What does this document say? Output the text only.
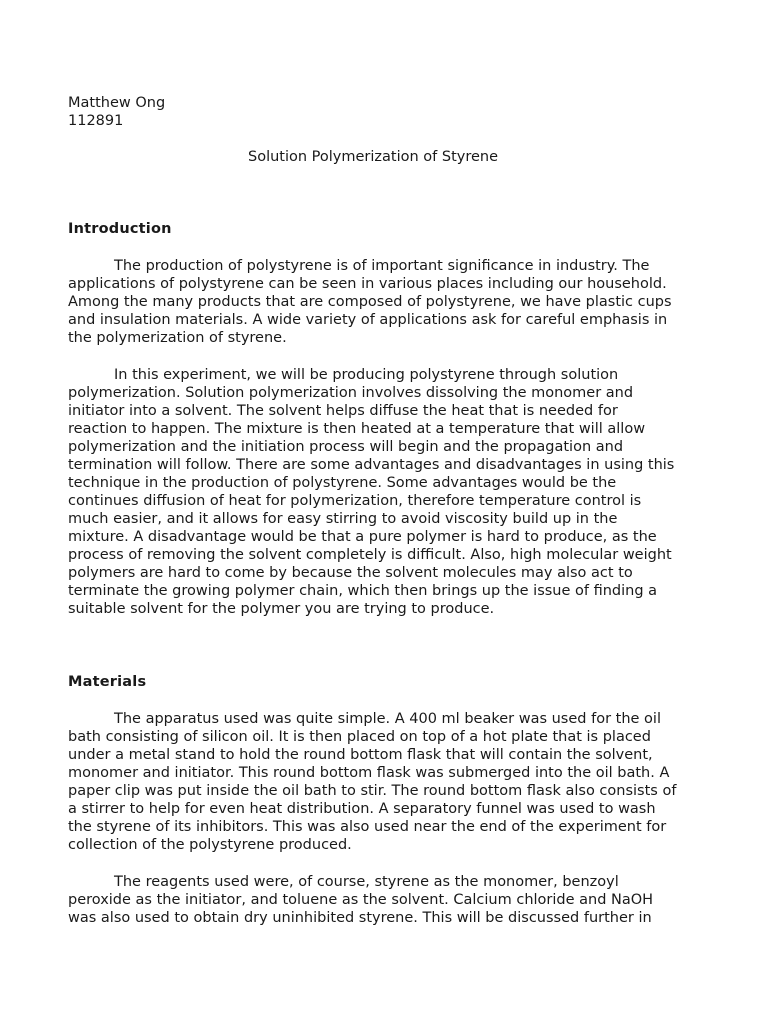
Matthew Ong

112891

Solution Polymerization of Styrene

Introduction

The production of polystyrene is of important significance in industry. The
applications of polystyrene can be seen in various places including our household.
Among the many products that are composed of polystyrene, we have plastic cups
and insulation materials. A wide variety of applications ask for careful emphasis in
the polymerization of styrene.
In this experiment, we will be producing polystyrene through solution
polymerization. Solution polymerization involves dissolving the monomer and
initiator into a solvent. The solvent helps diffuse the heat that is needed for
reaction to happen. The mixture is then heated at a temperature that will allow
polymerization and the initiation process will begin and the propagation and
termination will follow. There are some advantages and disadvantages in using this
technique in the production of polystyrene. Some advantages would be the
continues diffusion of heat for polymerization, therefore temperature control is
much easier, and it allows for easy stirring to avoid viscosity build up in the
mixture. A disadvantage would be that a pure polymer is hard to produce, as the
process of removing the solvent completely is difficult. Also, high molecular weight
polymers are hard to come by because the solvent molecules may also act to
terminate the growing polymer chain, which then brings up the issue of finding a
suitable solvent for the polymer you are trying to produce.

Materials

The apparatus used was quite simple. A 400 ml beaker was used for the oil
bath consisting of silicon oil. It is then placed on top of a hot plate that is placed
under a metal stand to hold the round bottom flask that will contain the solvent,
monomer and initiator. This round bottom flask was submerged into the oil bath. A
paper clip was put inside the oil bath to stir. The round bottom flask also consists of
a stirrer to help for even heat distribution. A separatory funnel was used to wash
the styrene of its inhibitors. This was also used near the end of the experiment for
collection of the polystyrene produced.
The reagents used were, of course, styrene as the monomer, benzoyl
peroxide as the initiator, and toluene as the solvent. Calcium chloride and NaOH
was also used to obtain dry uninhibited styrene. This will be discussed further in
